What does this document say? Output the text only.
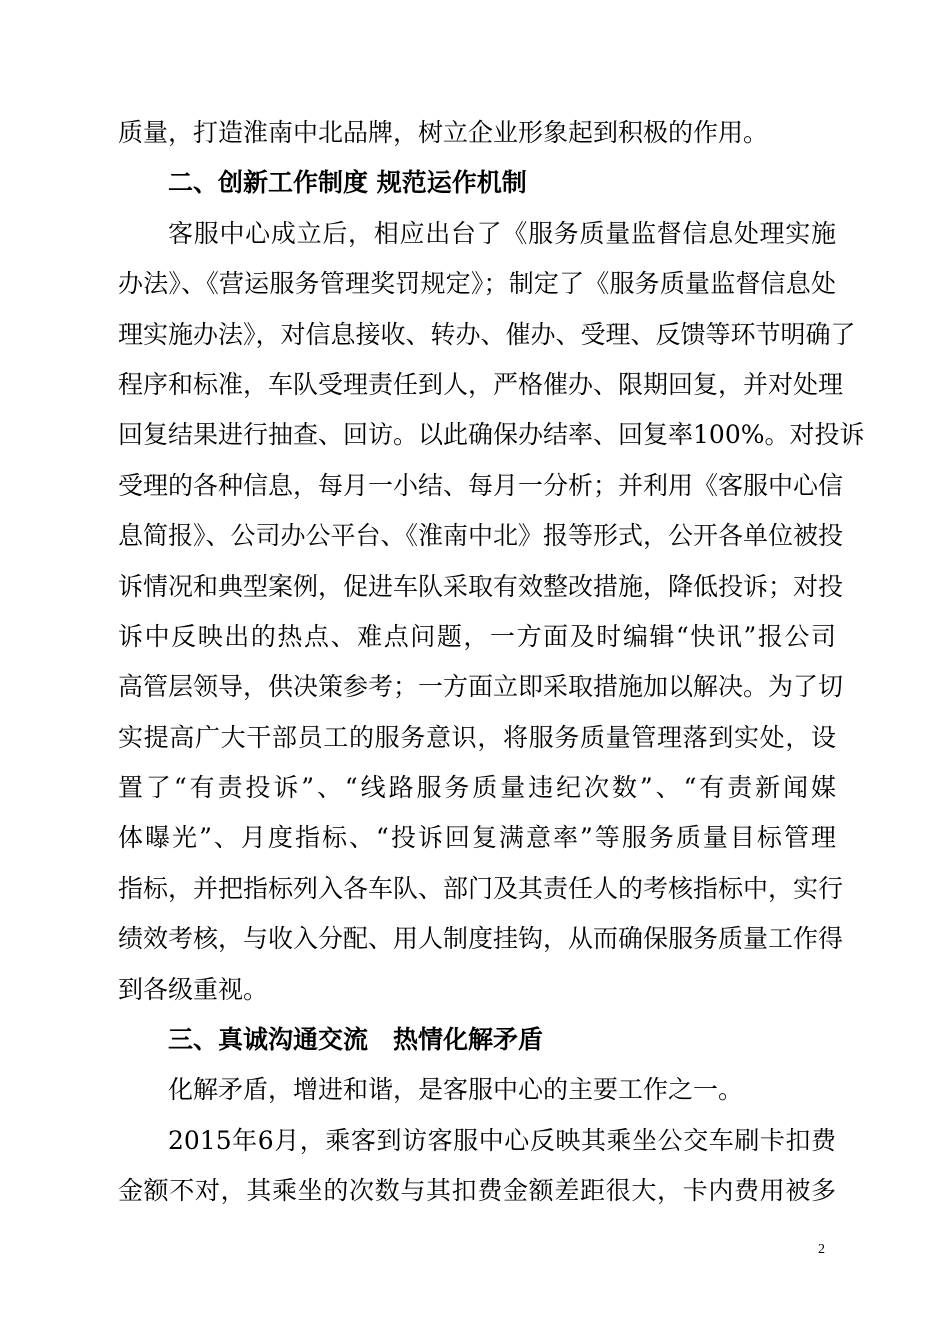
质量，打造淮南中北品牌，树立企业形象起到积极的作用。
二、创新工作制度 规范运作机制
客服中心成立后，相应出台了《服务质量监督信息处理实施
办法》、《营运服务管理奖罚规定》；制定了《服务质量监督信息处
理实施办法》，对信息接收、转办、催办、受理、反馈等环节明确了
程序和标准，车队受理责任到人，严格催办、限期回复，并对处理
回复结果进行抽查、回访。以此确保办结率、回复率100%。对投诉
受理的各种信息，每月一小结、每月一分析；并利用《客服中心信
息简报》、公司办公平台、《淮南中北》报等形式，公开各单位被投
诉情况和典型案例，促进车队采取有效整改措施，降低投诉；对投
诉中反映出的热点、难点问题，一方面及时编辑“快讯”报公司
高管层领导，供决策参考；一方面立即采取措施加以解决。为了切
实提高广大干部员工的服务意识，将服务质量管理落到实处，设
置了“有责投诉”、“线路服务质量违纪次数”、“有责新闻媒
体曝光”、月度指标、“投诉回复满意率”等服务质量目标管理
指标，并把指标列入各车队、部门及其责任人的考核指标中，实行
绩效考核，与收入分配、用人制度挂钩，从而确保服务质量工作得
到各级重视。
三、真诚沟通交流　热情化解矛盾
化解矛盾，增进和谐，是客服中心的主要工作之一。
2015年6月，乘客到访客服中心反映其乘坐公交车刷卡扣费
金额不对，其乘坐的次数与其扣费金额差距很大，卡内费用被多
2
